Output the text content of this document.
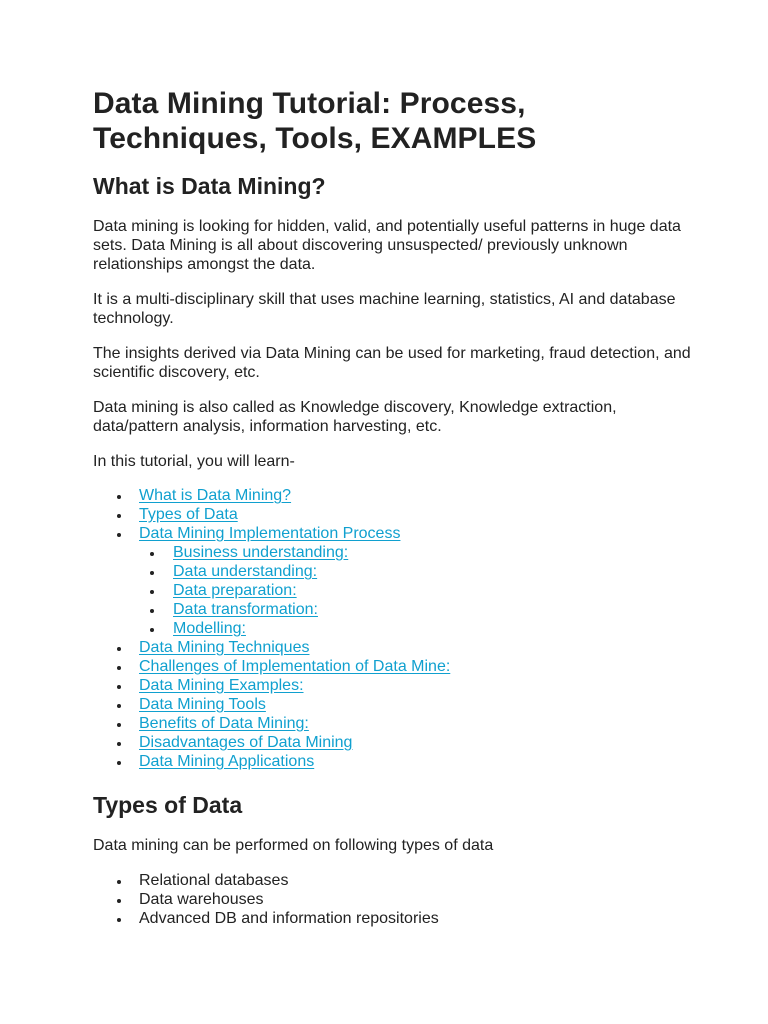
Data Mining Tutorial: Process, Techniques, Tools, EXAMPLES
What is Data Mining?

Data mining is looking for hidden, valid, and potentially useful patterns in huge data sets. Data Mining is all about discovering unsuspected/ previously unknown relationships amongst the data.

It is a multi-disciplinary skill that uses machine learning, statistics, AI and database technology.

The insights derived via Data Mining can be used for marketing, fraud detection, and scientific discovery, etc.

Data mining is also called as Knowledge discovery, Knowledge extraction, data/pattern analysis, information harvesting, etc.

In this tutorial, you will learn-

What is Data Mining?
Types of Data
Data Mining Implementation Process
Business understanding:
Data understanding:
Data preparation:
Data transformation:
Modelling:
Data Mining Techniques
Challenges of Implementation of Data Mine:
Data Mining Examples:
Data Mining Tools
Benefits of Data Mining:
Disadvantages of Data Mining
Data Mining Applications
Types of Data

Data mining can be performed on following types of data

Relational databases
Data warehouses
Advanced DB and information repositories
